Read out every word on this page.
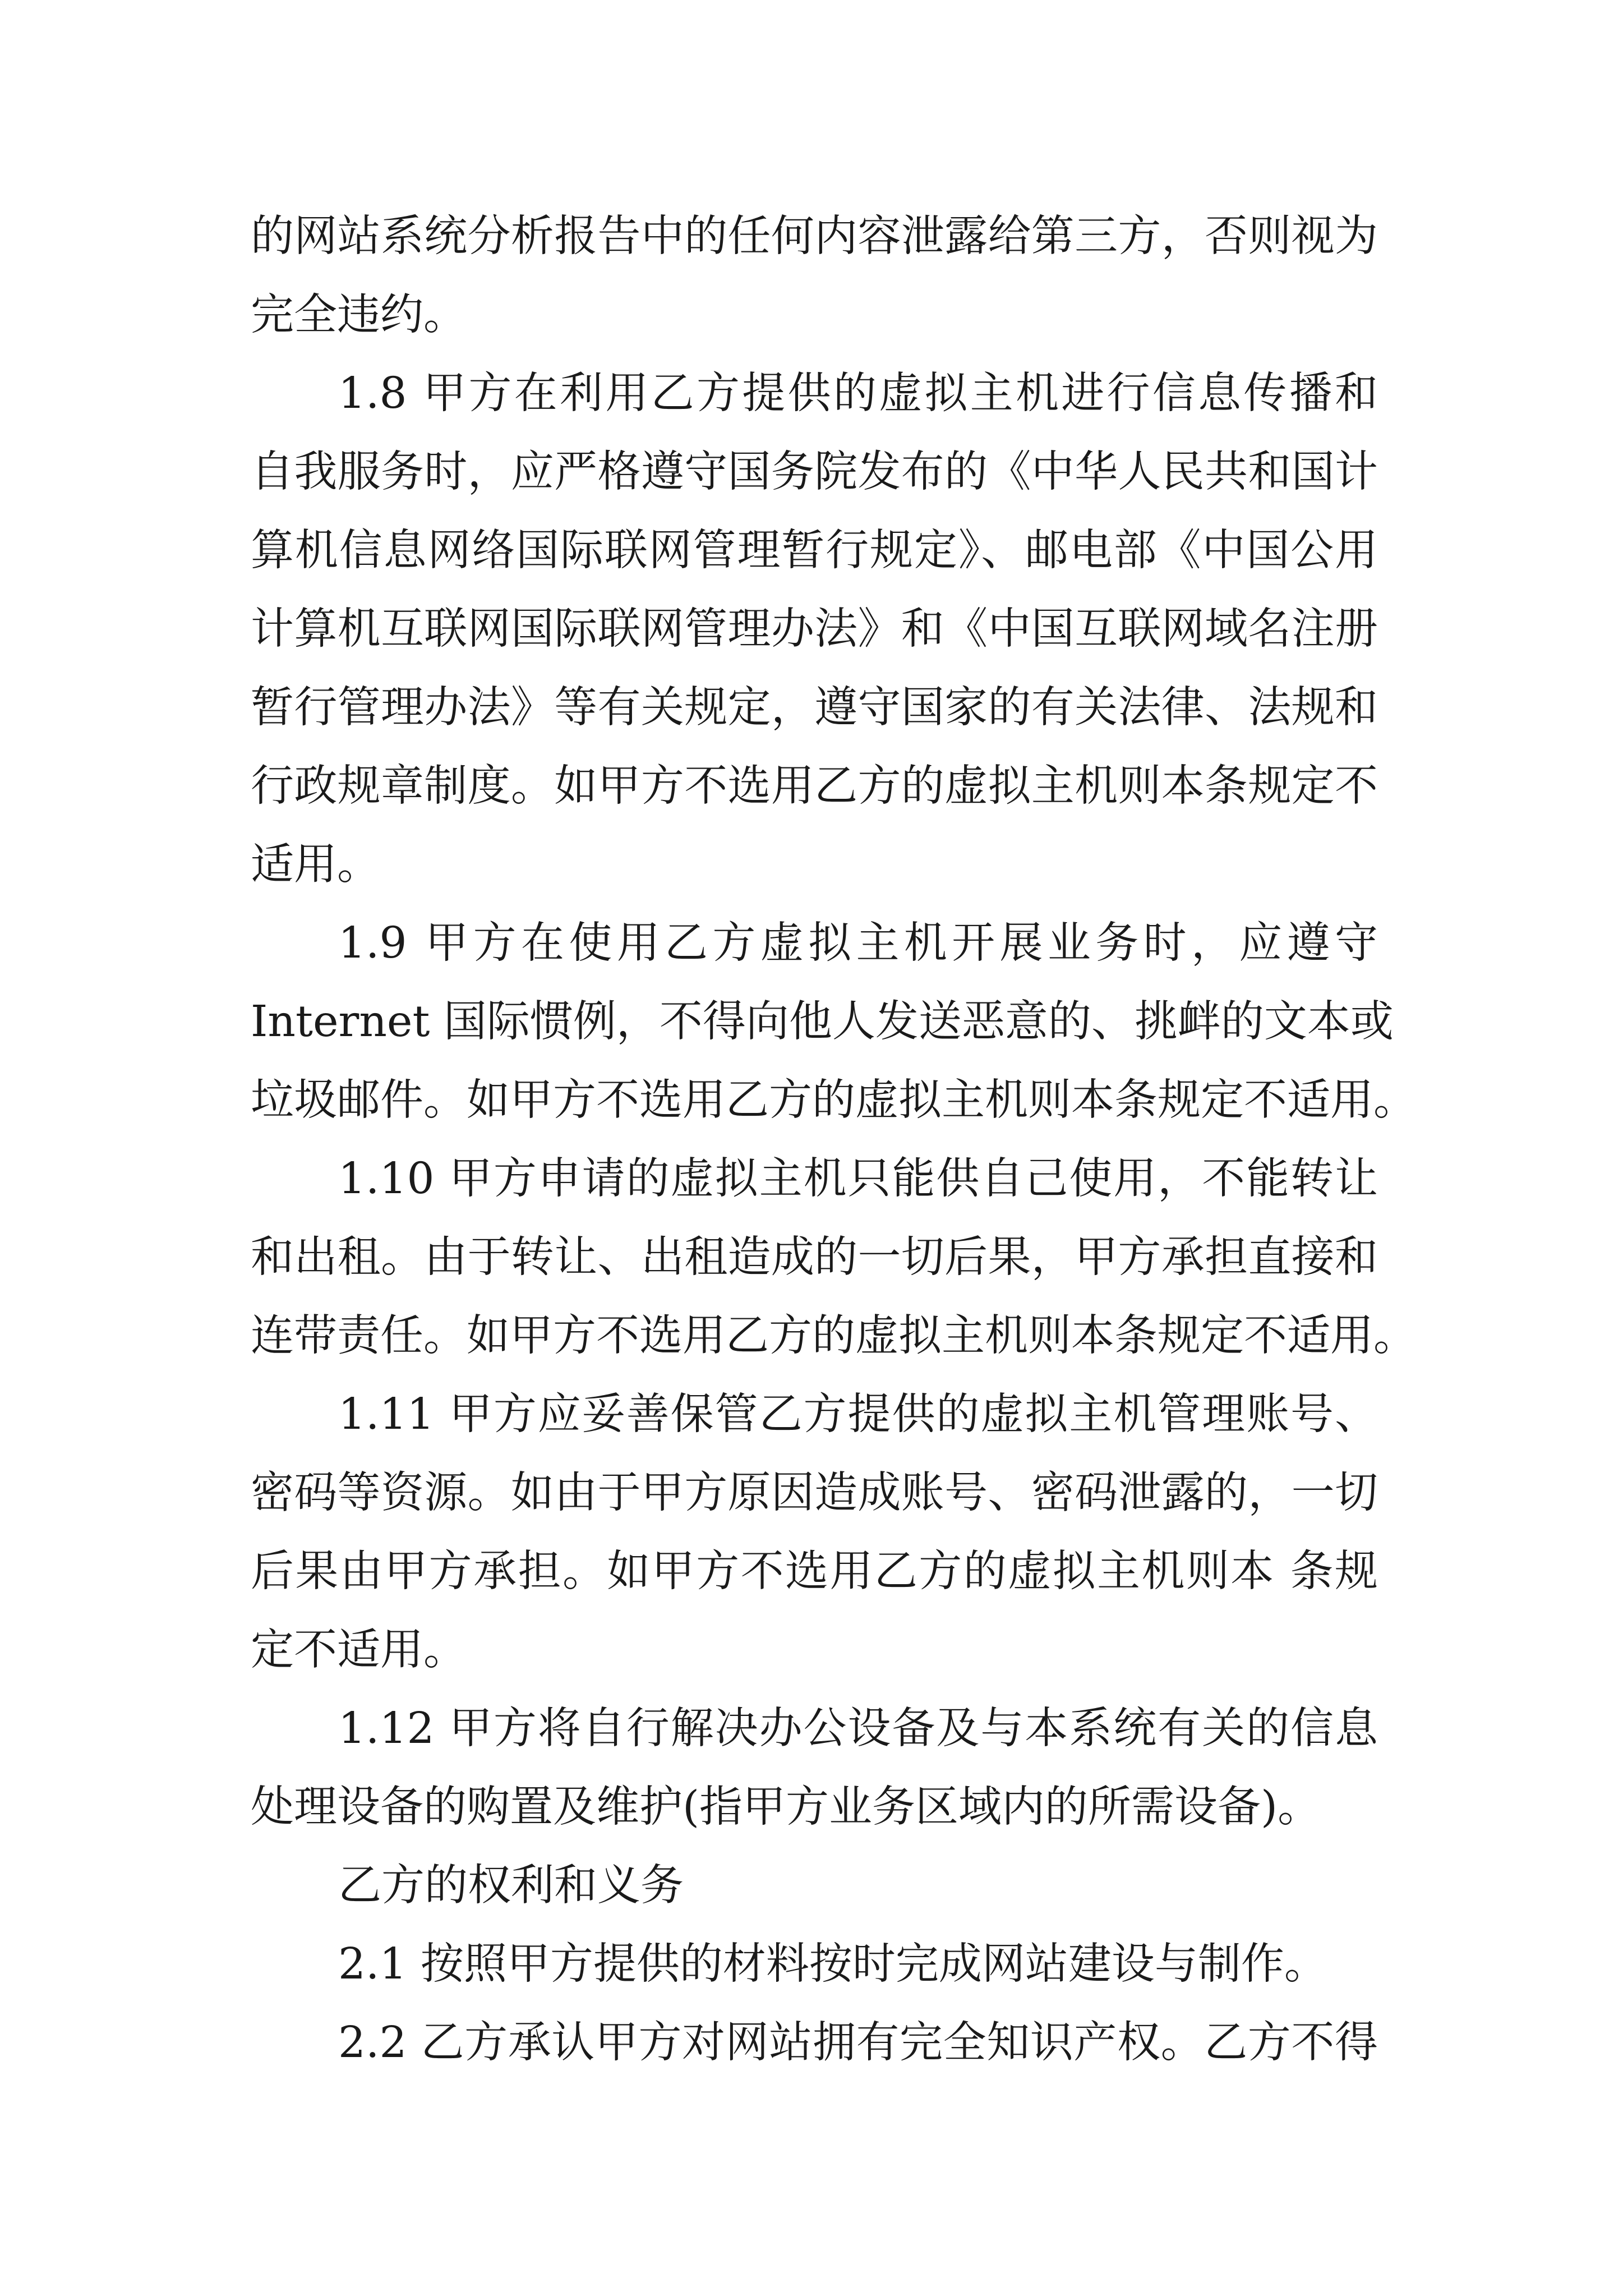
的网站系统分析报告中的任何内容泄露给第三方，否则视为
完全违约。
1.8 甲方在利用乙方提供的虚拟主机进行信息传播和
自我服务时，应严格遵守国务院发布的《中华人民共和国计
算机信息网络国际联网管理暂行规定》、邮电部《中国公用
计算机互联网国际联网管理办法》和《中国互联网域名注册
暂行管理办法》等有关规定，遵守国家的有关法律、法规和
行政规章制度。如甲方不选用乙方的虚拟主机则本条规定不
适用。
1.9 甲方在使用乙方虚拟主机开展业务时，应遵守
Internet 国际惯例，不得向他人发送恶意的、挑衅的文本或
垃圾邮件。如甲方不选用乙方的虚拟主机则本条规定不适用。
1.10 甲方申请的虚拟主机只能供自己使用，不能转让
和出租。由于转让、出租造成的一切后果，甲方承担直接和
连带责任。如甲方不选用乙方的虚拟主机则本条规定不适用。
1.11 甲方应妥善保管乙方提供的虚拟主机管理账号、
密码等资源。如由于甲方原因造成账号、密码泄露的，一切
后果由甲方承担。如甲方不选用乙方的虚拟主机则本 条规
定不适用。
1.12 甲方将自行解决办公设备及与本系统有关的信息
处理设备的购置及维护(指甲方业务区域内的所需设备)。
乙方的权利和义务
2.1 按照甲方提供的材料按时完成网站建设与制作。
2.2 乙方承认甲方对网站拥有完全知识产权。乙方不得
